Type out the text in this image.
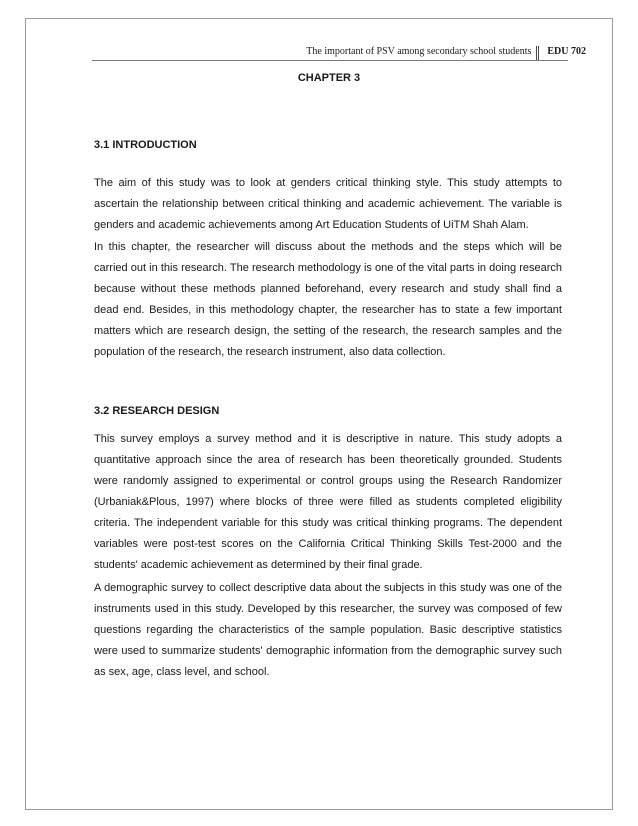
The important of PSV among secondary school students	EDU 702
CHAPTER 3
3.1 INTRODUCTION

The aim of this study was to look at genders critical thinking style. This study attempts to ascertain the relationship between critical thinking and academic achievement. The variable is genders and academic achievements among Art Education Students of UiTM Shah Alam.

In this chapter, the researcher will discuss about the methods and the steps which will be carried out in this research. The research methodology is one of the vital parts in doing research because without these methods planned beforehand, every research and study shall find a dead end. Besides, in this methodology chapter, the researcher has to state a few important matters which are research design, the setting of the research, the research samples and the population of the research, the research instrument, also data collection.

3.2 RESEARCH DESIGN

This survey employs a survey method and it is descriptive in nature. This study adopts a quantitative approach since the area of research has been theoretically grounded. Students were randomly assigned to experimental or control groups using the Research Randomizer (Urbaniak&Plous, 1997) where blocks of three were filled as students completed eligibility criteria. The independent variable for this study was critical thinking programs. The dependent variables were post-test scores on the California Critical Thinking Skills Test-2000 and the students' academic achievement as determined by their final grade.

A demographic survey to collect descriptive data about the subjects in this study was one of the instruments used in this study. Developed by this researcher, the survey was composed of few questions regarding the characteristics of the sample population. Basic descriptive statistics were used to summarize students' demographic information from the demographic survey such as sex, age, class level, and school.
